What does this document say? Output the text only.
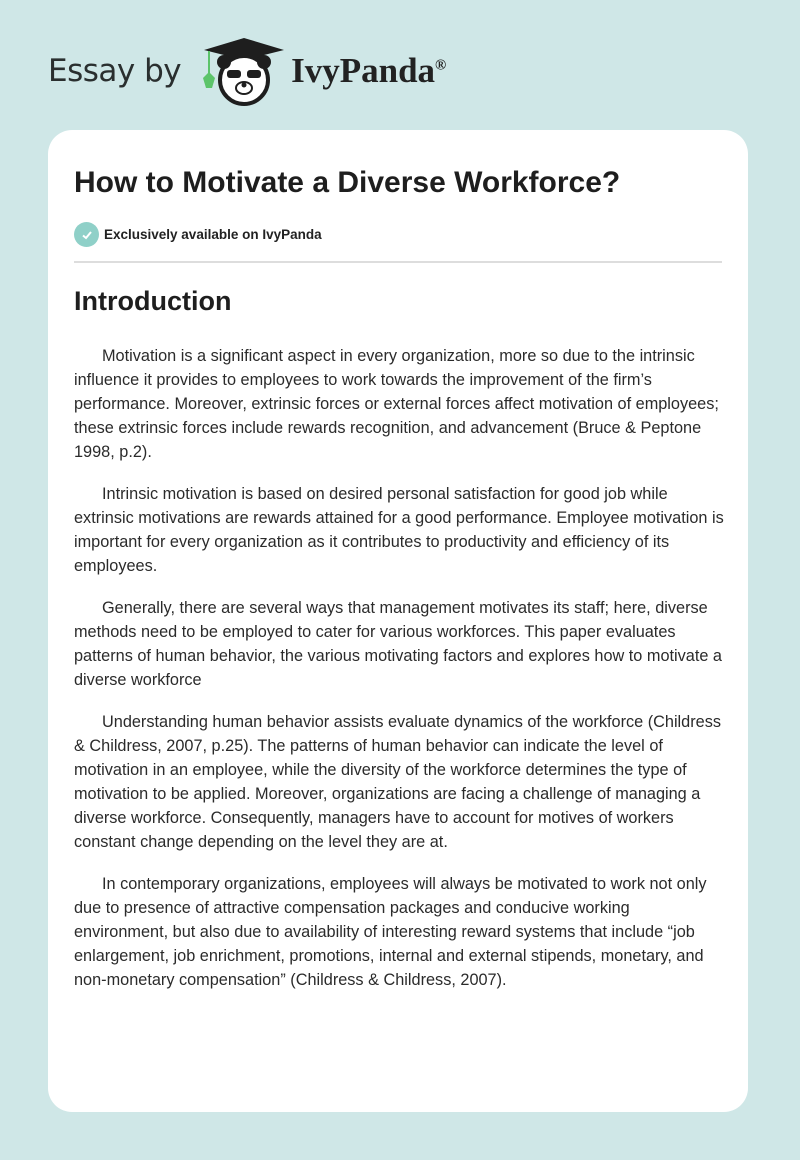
Essay by	IvyPanda®
How to Motivate a Diverse Workforce?
Exclusively available on IvyPanda
Introduction

Motivation is a significant aspect in every organization, more so due to the intrinsic influence it provides to employees to work towards the improvement of the firm’s performance. Moreover, extrinsic forces or external forces affect motivation of employees; these extrinsic forces include rewards recognition, and advancement (Bruce & Peptone 1998, p.2).

Intrinsic motivation is based on desired personal satisfaction for good job while extrinsic motivations are rewards attained for a good performance. Employee motivation is important for every organization as it contributes to productivity and efficiency of its employees.

Generally, there are several ways that management motivates its staff; here, diverse methods need to be employed to cater for various workforces. This paper evaluates patterns of human behavior, the various motivating factors and explores how to motivate a diverse workforce

Understanding human behavior assists evaluate dynamics of the workforce (Childress & Childress, 2007, p.25). The patterns of human behavior can indicate the level of motivation in an employee, while the diversity of the workforce determines the type of motivation to be applied. Moreover, organizations are facing a challenge of managing a diverse workforce. Consequently, managers have to account for motives of workers constant change depending on the level they are at.

In contemporary organizations, employees will always be motivated to work not only due to presence of attractive compensation packages and conducive working environment, but also due to availability of interesting reward systems that include “job enlargement, job enrichment, promotions, internal and external stipends, monetary, and non-monetary compensation” (Childress & Childress, 2007).
